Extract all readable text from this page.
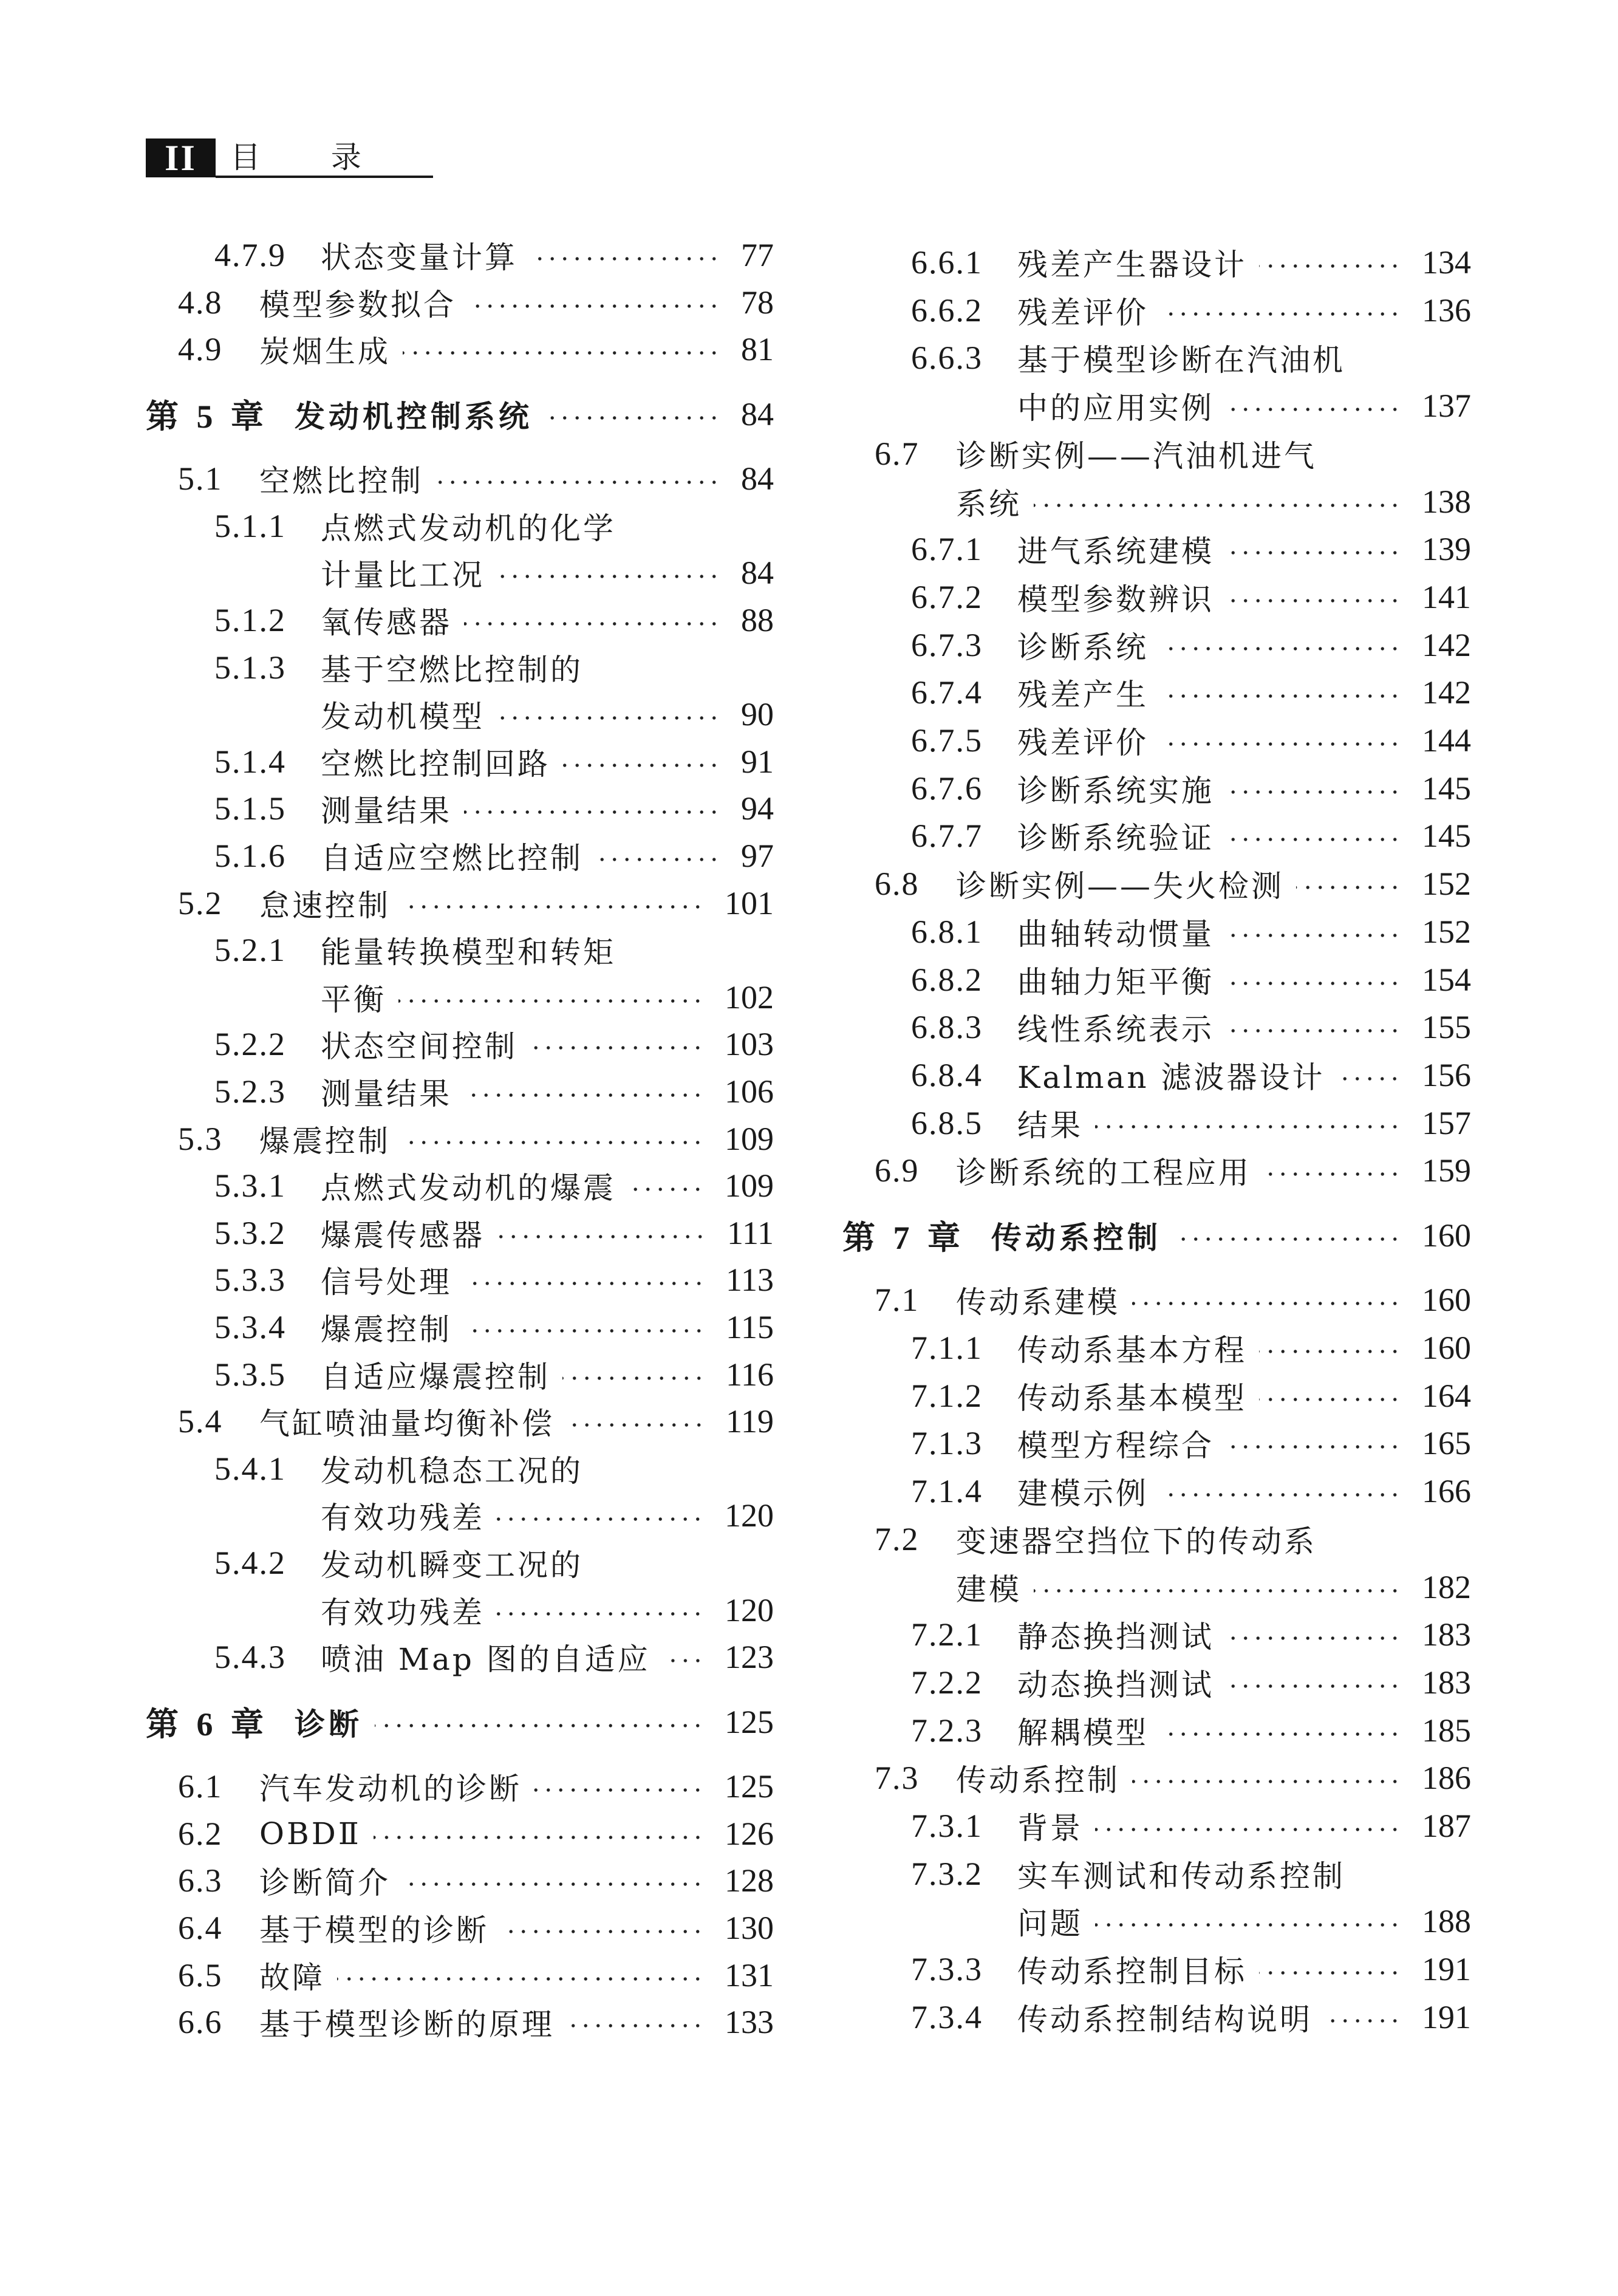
II	目 录
4.7.9	状态变量计算	77
4.8	模型参数拟合	78
4.9	炭烟生成	81
第 5 章 发动机控制系统	84
5.1	空燃比控制	84
5.1.1	点燃式发动机的化学
计量比工况	84
5.1.2	氧传感器	88
5.1.3	基于空燃比控制的
发动机模型	90
5.1.4	空燃比控制回路	91
5.1.5	测量结果	94
5.1.6	自适应空燃比控制	97
5.2	怠速控制	101
5.2.1	能量转换模型和转矩
平衡	102
5.2.2	状态空间控制	103
5.2.3	测量结果	106
5.3	爆震控制	109
5.3.1	点燃式发动机的爆震	109
5.3.2	爆震传感器	111
5.3.3	信号处理	113
5.3.4	爆震控制	115
5.3.5	自适应爆震控制	116
5.4	气缸喷油量均衡补偿	119
5.4.1	发动机稳态工况的
有效功残差	120
5.4.2	发动机瞬变工况的
有效功残差	120
5.4.3	喷油 Map 图的自适应 123
第 6 章 诊断	125
6.1	汽车发动机的诊断	125
6.2	OBDⅡ	126
6.3	诊断简介	128
6.4	基于模型的诊断	130
6.5	故障	131
6.6	基于模型诊断的原理	133
6.6.1	残差产生器设计	134
6.6.2	残差评价	136
6.6.3	基于模型诊断在汽油机
中的应用实例	137
6.7	诊断实例——汽油机进气
系统	138
6.7.1	进气系统建模	139
6.7.2	模型参数辨识	141
6.7.3	诊断系统	142
6.7.4	残差产生	142
6.7.5	残差评价	144
6.7.6	诊断系统实施	145
6.7.7	诊断系统验证	145
6.8	诊断实例——失火检测	152
6.8.1	曲轴转动惯量	152
6.8.2	曲轴力矩平衡	154
6.8.3	线性系统表示	155
6.8.4	Kalman 滤波器设计	156
6.8.5	结果	157
6.9	诊断系统的工程应用	159
第 7 章 传动系控制	160
7.1	传动系建模	160
7.1.1	传动系基本方程	160
7.1.2	传动系基本模型	164
7.1.3	模型方程综合	165
7.1.4	建模示例	166
7.2	变速器空挡位下的传动系
建模	182
7.2.1	静态换挡测试	183
7.2.2	动态换挡测试	183
7.2.3	解耦模型	185
7.3	传动系控制	186
7.3.1	背景	187
7.3.2	实车测试和传动系控制
问题	188
7.3.3	传动系控制目标	191
7.3.4	传动系控制结构说明	191
